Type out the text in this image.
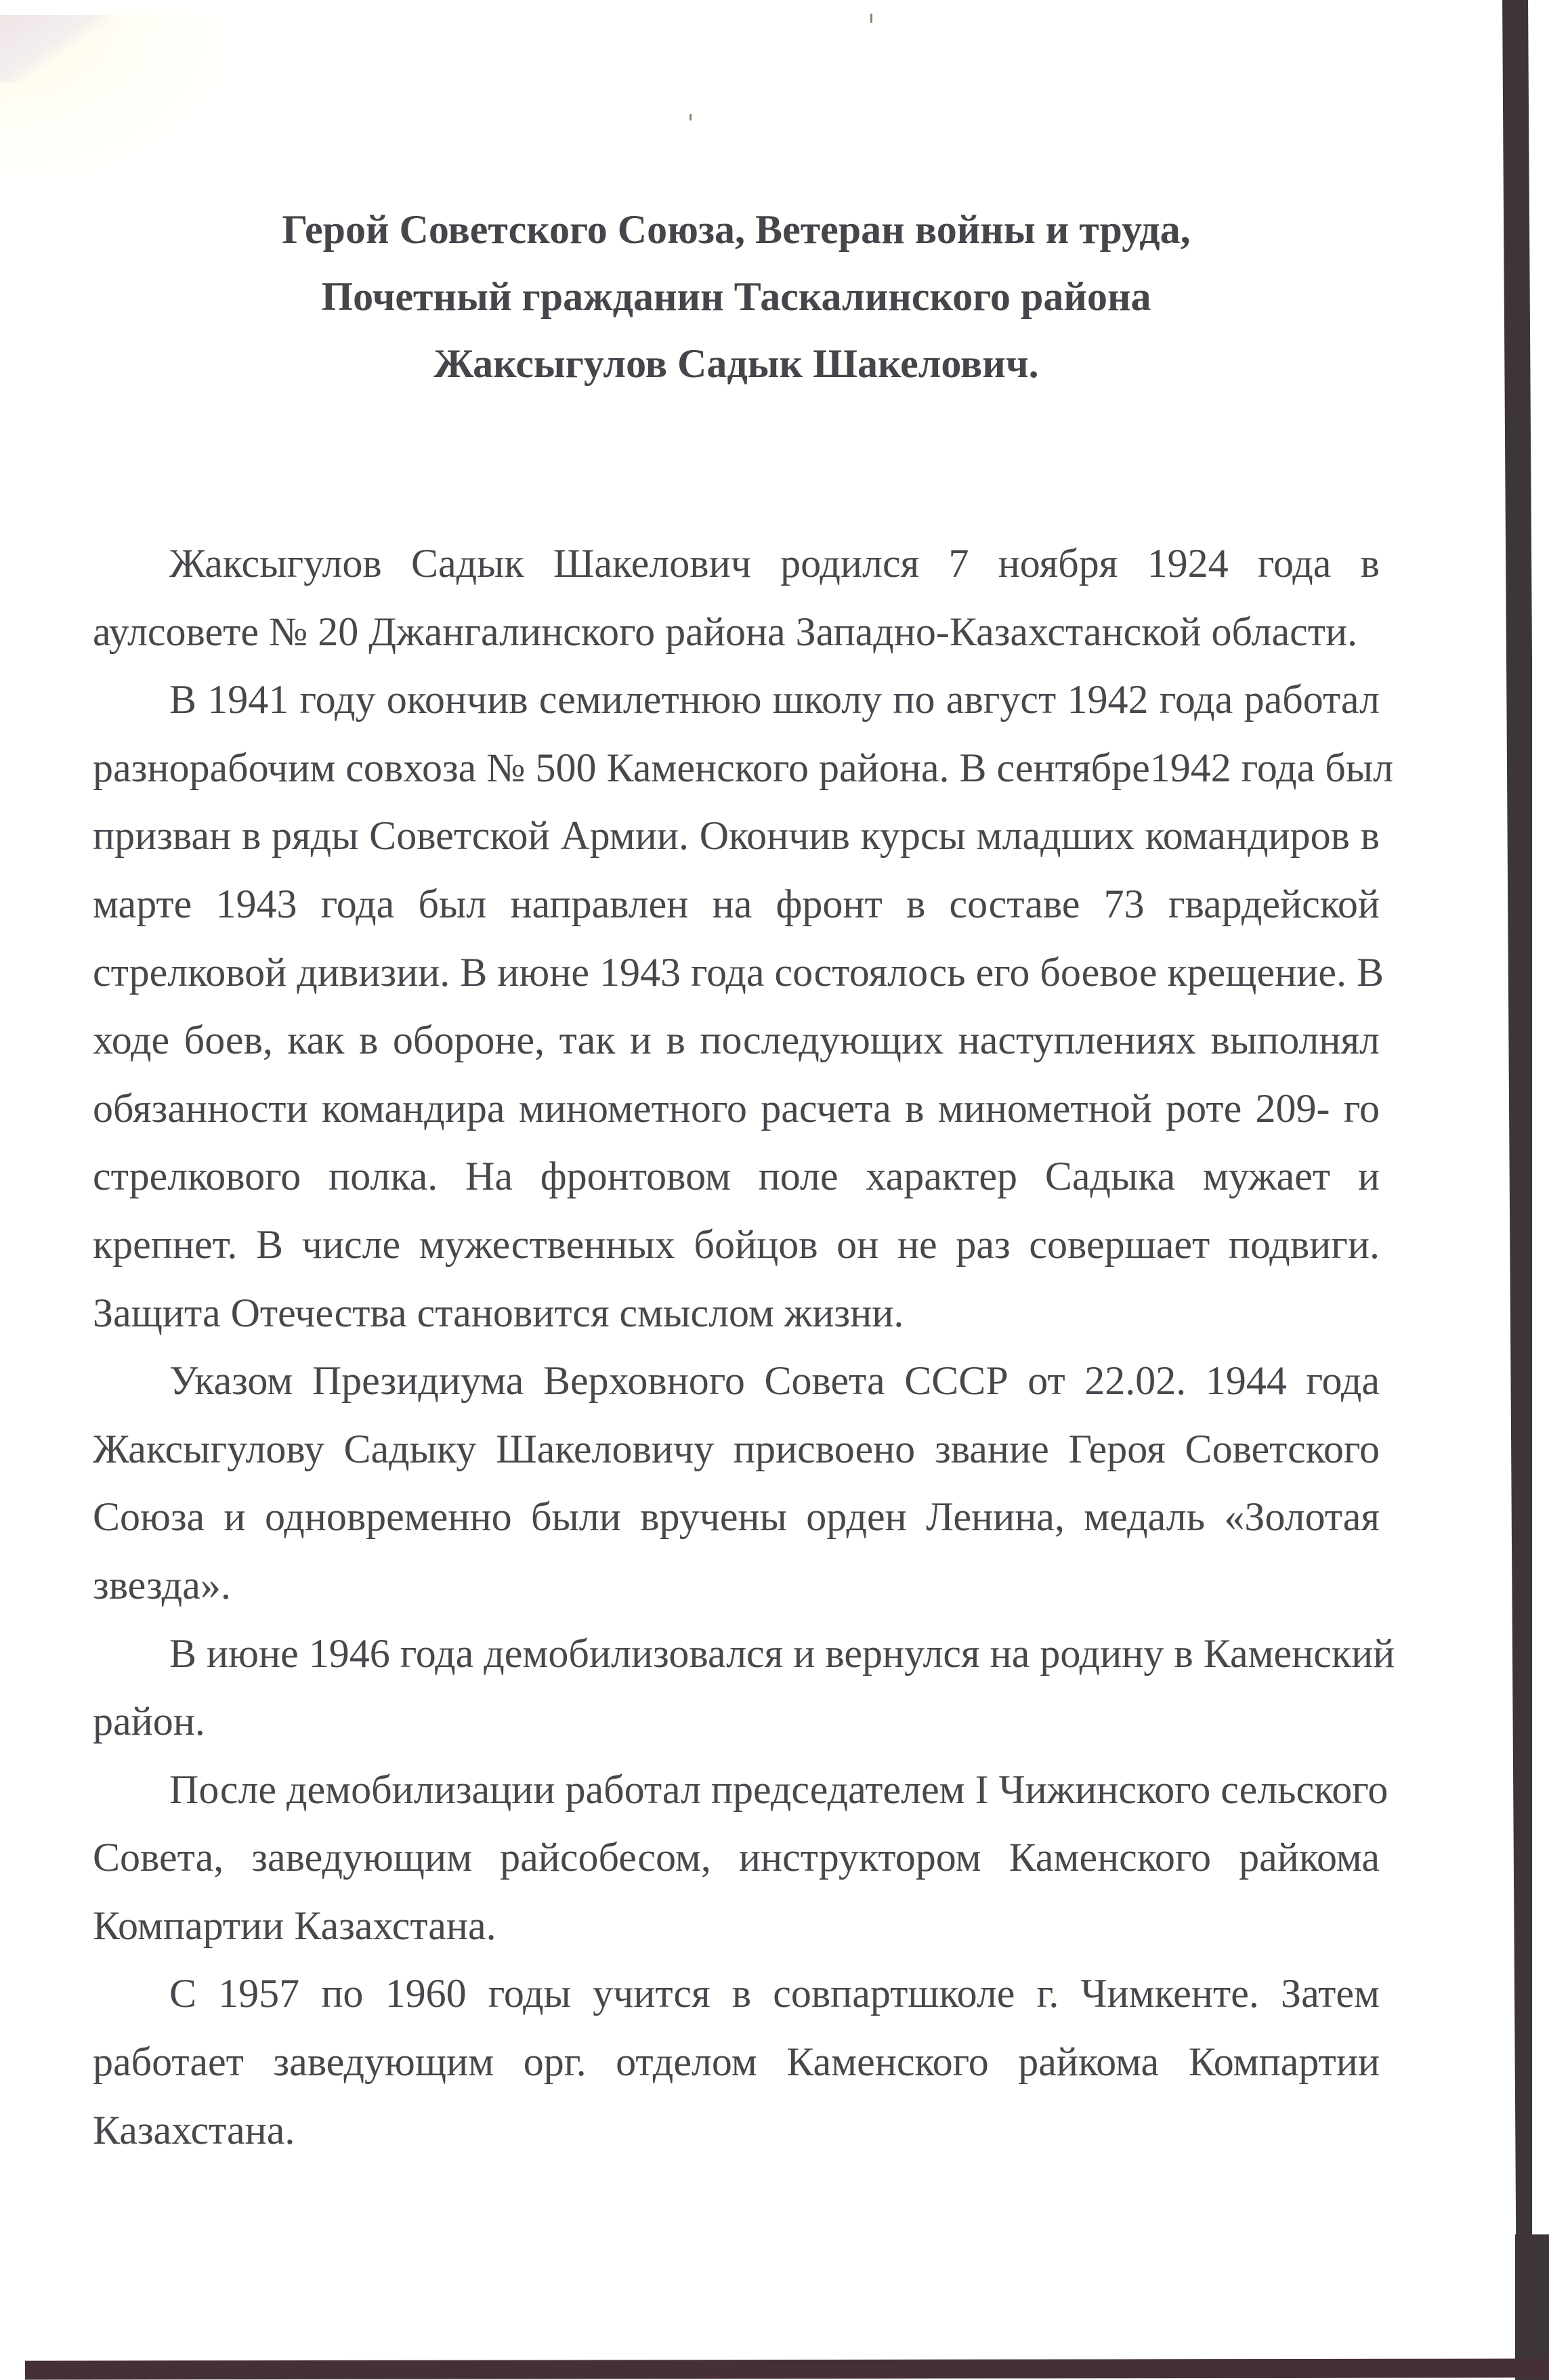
Герой Советского Союза, Ветеран войны и труда,
Почетный гражданин Таскалинского района
Жаксыгулов Садык Шакелович.
Жаксыгулов Садык Шакелович родился 7 ноября 1924 года в
аулсовете № 20 Джангалинского района Западно-Казахстанской области.
В 1941 году окончив семилетнюю школу по август 1942 года работал
разнорабочим совхоза № 500 Каменского района. В сентябре1942 года был
призван в ряды Советской Армии. Окончив курсы младших командиров в
марте 1943 года был направлен на фронт в составе 73 гвардейской
стрелковой дивизии. В июне 1943 года состоялось его боевое крещение. В
ходе боев, как в обороне, так и в последующих наступлениях выполнял
обязанности командира минометного расчета в минометной роте 209- го
стрелкового полка. На фронтовом поле характер Садыка мужает и
крепнет. В числе мужественных бойцов он не раз совершает подвиги.
Защита Отечества становится смыслом жизни.
Указом Президиума Верховного Совета СССР от 22.02. 1944 года
Жаксыгулову Садыку Шакеловичу присвоено звание Героя Советского
Союза и одновременно были вручены орден Ленина, медаль «Золотая
звезда».
В июне 1946 года демобилизовался и вернулся на родину в Каменский
район.
После демобилизации работал председателем I Чижинского сельского
Совета, заведующим райсобесом, инструктором Каменского райкома
Компартии Казахстана.
С 1957 по 1960 годы учится в совпартшколе г. Чимкенте. Затем
работает заведующим орг. отделом Каменского райкома Компартии
Казахстана.
